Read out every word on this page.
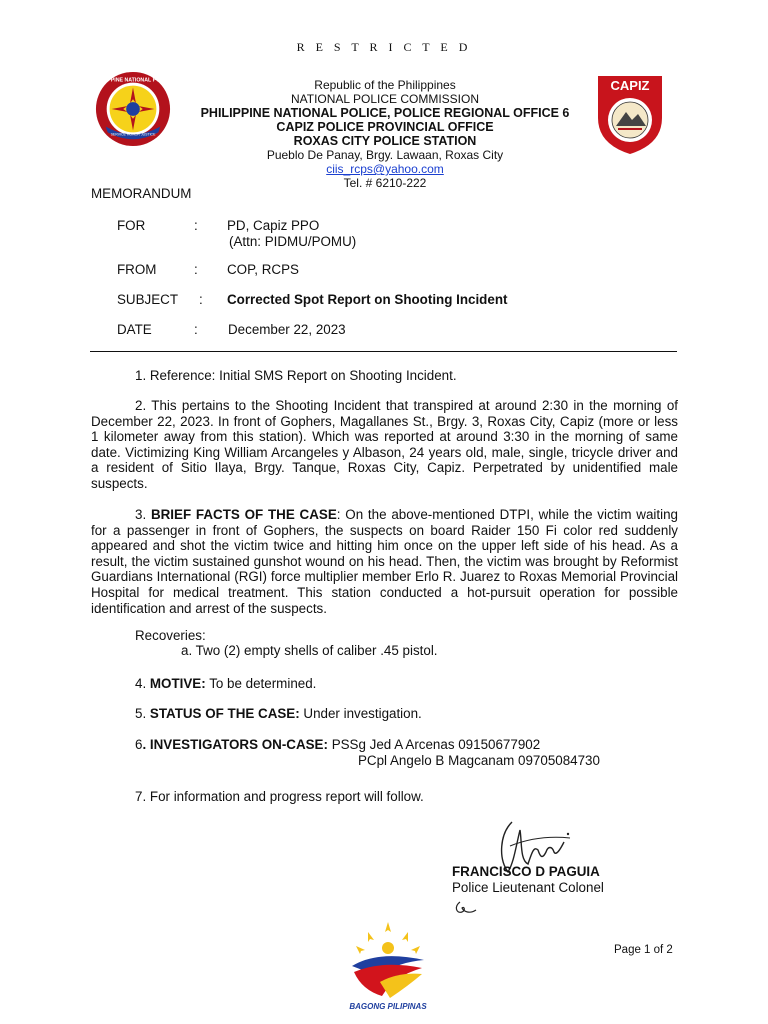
R E S T R I C T E D
PHILIPPINE NATIONAL POLICE
SERVICE HONOR JUSTICE
CAPIZ
Republic of the Philippines
NATIONAL POLICE COMMISSION
PHILIPPINE NATIONAL POLICE, POLICE REGIONAL OFFICE 6
CAPIZ POLICE PROVINCIAL OFFICE
ROXAS CITY POLICE STATION
Pueblo De Panay, Brgy. Lawaan, Roxas City
ciis_rcps@yahoo.com
Tel. # 6210-222
MEMORANDUM
FOR	: PD, Capiz PPO
(Attn: PIDMU/POMU)
FROM	: COP, RCPS
SUBJECT : Corrected Spot Report on Shooting Incident
DATE	: December 22, 2023
1. Reference: Initial SMS Report on Shooting Incident.
2. This pertains to the Shooting Incident that transpired at around 2:30 in the morning of December 22, 2023. In front of Gophers, Magallanes St., Brgy. 3, Roxas City, Capiz (more or less 1 kilometer away from this station). Which was reported at around 3:30 in the morning of same date. Victimizing King William Arcangeles y Albason, 24 years old, male, single, tricycle driver and a resident of Sitio Ilaya, Brgy. Tanque, Roxas City, Capiz. Perpetrated by unidentified male suspects.
3. BRIEF FACTS OF THE CASE: On the above-mentioned DTPI, while the victim waiting for a passenger in front of Gophers, the suspects on board Raider 150 Fi color red suddenly appeared and shot the victim twice and hitting him once on the upper left side of his head. As a result, the victim sustained gunshot wound on his head. Then, the victim was brought by Reformist Guardians International (RGI) force multiplier member Erlo R. Juarez to Roxas Memorial Provincial Hospital for medical treatment. This station conducted a hot-pursuit operation for possible identification and arrest of the suspects.
Recoveries:
a. Two (2) empty shells of caliber .45 pistol.
4. MOTIVE: To be determined.
5. STATUS OF THE CASE: Under investigation.
6. INVESTIGATORS ON-CASE: PSSg Jed A Arcenas 09150677902
PCpl Angelo B Magcanam 09705084730
7. For information and progress report will follow.
FRANCISCO D PAGUIA
Police Lieutenant Colonel
Page 1 of 2
BAGONG PILIPINAS
